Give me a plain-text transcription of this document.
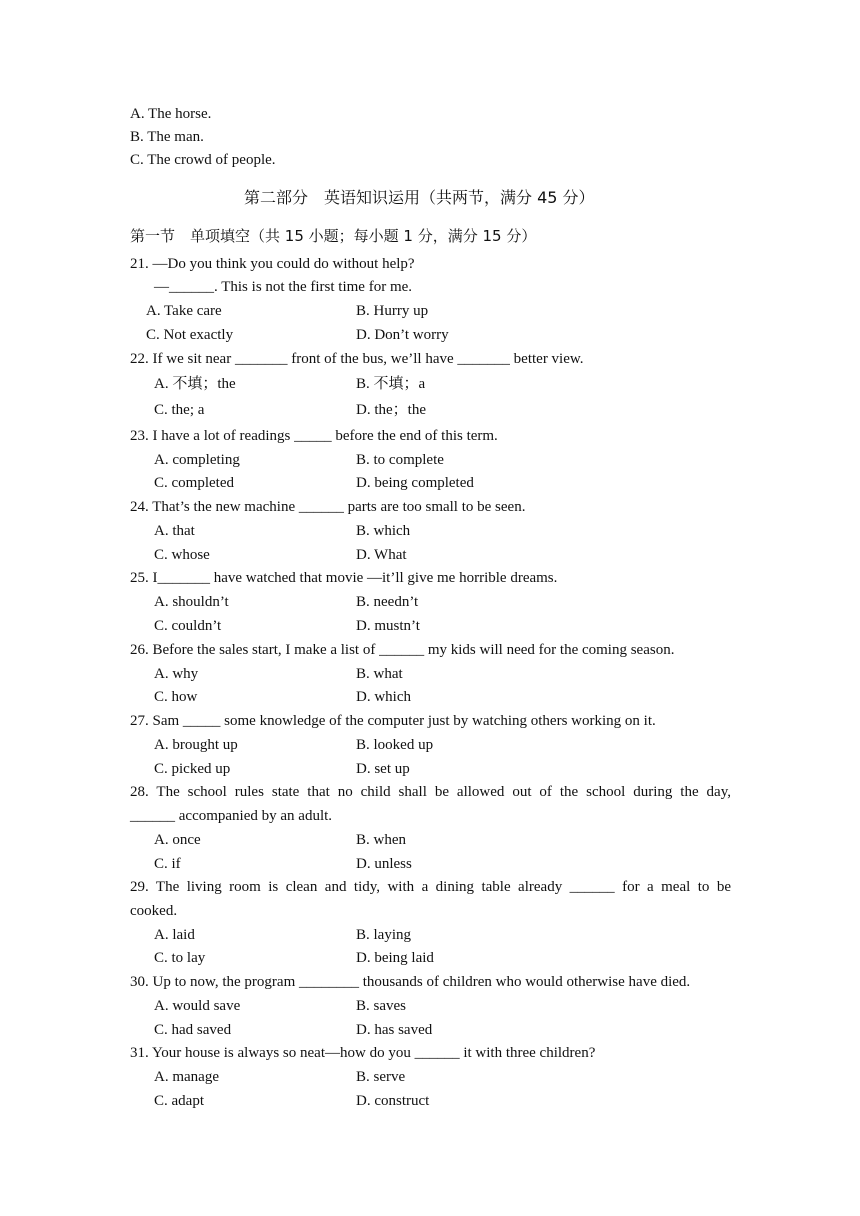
A. The horse.
B. The man.
C. The crowd of people.
第二部分　英语知识运用（共两节，满分 45 分）
第一节　单项填空（共 15 小题；每小题 1 分，满分 15 分）
21. —Do you think you could do without help?
—______. This is not the first time for me.
A. Take care	B. Hurry up
C. Not exactly	D. Don’t worry
22. If we sit near _______ front of the bus, we’ll have _______ better view.
A. 不填；the	B. 不填；a
C. the; a	D. the；the
23. I have a lot of readings _____ before the end of this term.
A. completing	B. to complete
C. completed	D. being completed
24. That’s the new machine ______ parts are too small to be seen.
A. that	B. which
C. whose	D. What
25. I_______ have watched that movie —it’ll give me horrible dreams.
A. shouldn’t	B. needn’t
C. couldn’t	D. mustn’t
26. Before the sales start, I make a list of ______ my kids will need for the coming season.
A. why	B. what
C. how	D. which
27. Sam _____ some knowledge of the computer just by watching others working on it.
A. brought up	B. looked up
C. picked up	D. set up
28. The school rules state that no child shall be allowed out of the school during the day,
______ accompanied by an adult.
A. once	B. when
C. if	D. unless
29. The living room is clean and tidy, with a dining table already ______ for a meal to be
cooked.
A. laid	B. laying
C. to lay	D. being laid
30. Up to now, the program ________ thousands of children who would otherwise have died.
A. would save	B. saves
C. had saved	D. has saved
31. Your house is always so neat—how do you ______ it with three children?
A. manage	B. serve
C. adapt	D. construct
